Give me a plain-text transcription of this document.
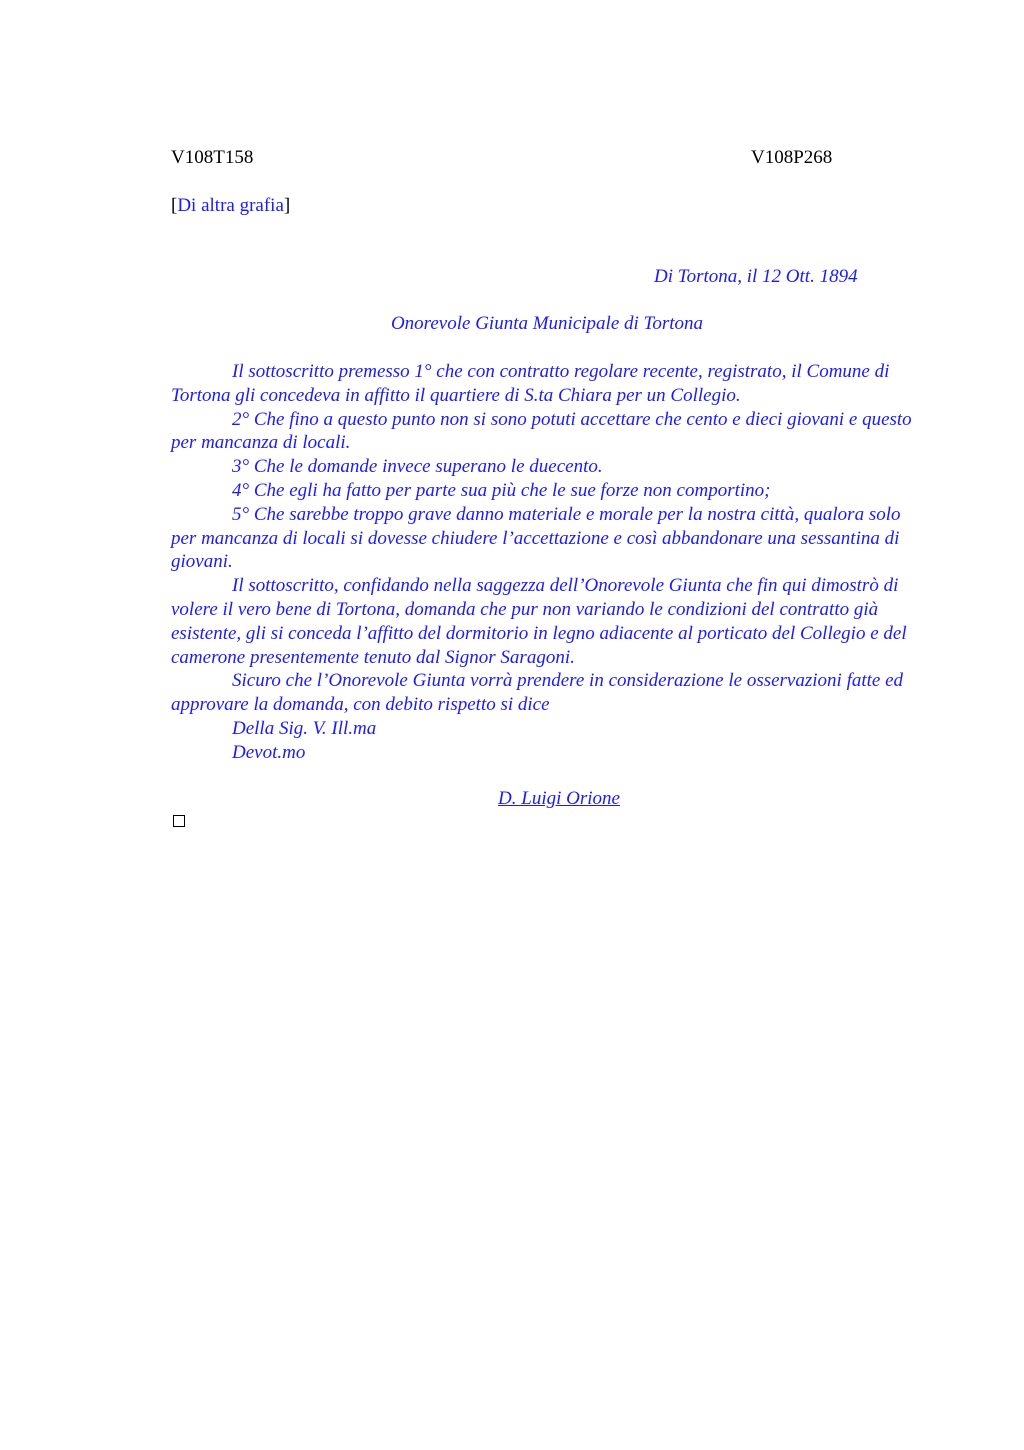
V108T158	V108P268
[Di altra grafia]
Di Tortona, il 12 Ott. 1894
Onorevole Giunta Municipale di Tortona

Il sottoscritto premesso 1° che con contratto regolare recente, registrato, il Comune di Tortona gli concedeva in affitto il quartiere di S.ta Chiara per un Collegio.

2° Che fino a questo punto non si sono potuti accettare che cento e dieci giovani e questo per mancanza di locali.

3° Che le domande invece superano le duecento.

4° Che egli ha fatto per parte sua più che le sue forze non comportino;

5° Che sarebbe troppo grave danno materiale e morale per la nostra città, qualora solo per mancanza di locali si dovesse chiudere l’accettazione e così abbandonare una sessantina di giovani.

Il sottoscritto, confidando nella saggezza dell’Onorevole Giunta che fin qui dimostrò di volere il vero bene di Tortona, domanda che pur non variando le condizioni del contratto già esistente, gli si conceda l’affitto del dormitorio in legno adiacente al porticato del Collegio e del camerone presentemente tenuto dal Signor Saragoni.

Sicuro che l’Onorevole Giunta vorrà prendere in considerazione le osservazioni fatte ed approvare la domanda, con debito rispetto si dice

Della Sig. V. Ill.ma

Devot.mo

D. Luigi Orione
